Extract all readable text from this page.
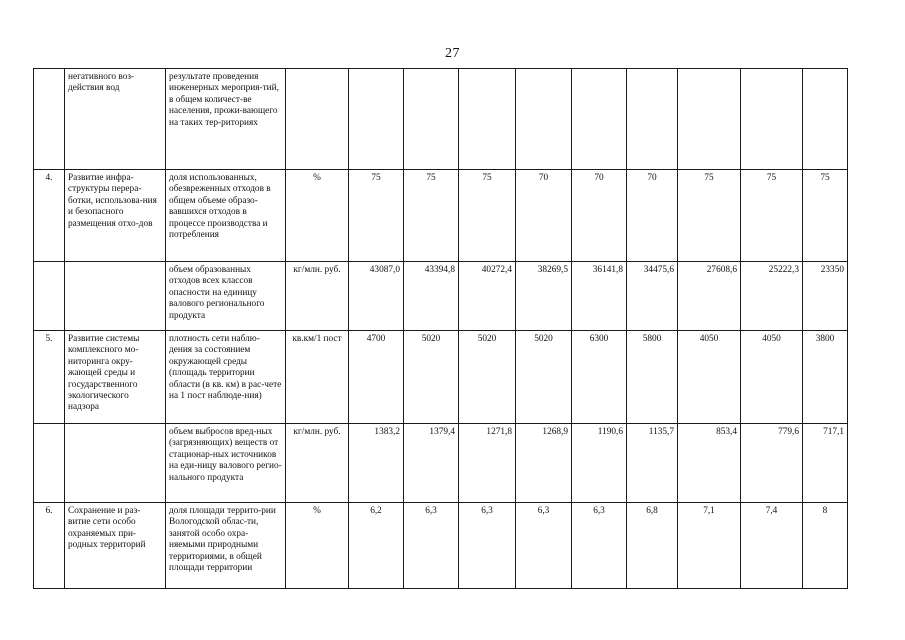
27
	негативного воз-действия вод	результате проведения инженерных мероприя-тий, в общем количест-ве населения, прожи-вающего на таких тер-риториях										
4.	Развитие инфра-структуры перера-ботки, использова-ния и безопасного размещения отхо-дов	доля использованных, обезвреженных отходов в общем объеме образо-вавшихся отходов в процессе производства и потребления	%	75	75	75	70	70	70	75	75	75
		объем образованных отходов всех классов опасности на единицу валового регионального продукта	кг/млн. руб.	43087,0	43394,8	40272,4	38269,5	36141,8	34475,6	27608,6	25222,3	23350
5.	Развитие системы комплексного мо-ниторинга окру-жающей среды и государственного экологического надзора	плотность сети наблю-дения за состоянием окружающей среды (площадь территории области (в кв. км) в рас-чете на 1 пост наблюде-ния)	кв.км/1 пост	4700	5020	5020	5020	6300	5800	4050	4050	3800
		объем выбросов вред-ных (загрязняющих) веществ от стационар-ных источников на еди-ницу валового регио-нального продукта	кг/млн. руб.	1383,2	1379,4	1271,8	1268,9	1190,6	1135,7	853,4	779,6	717,1
6.	Сохранение и раз-витие сети особо охраняемых при-родных территорий	доля площади террито-рии Вологодской облас-ти, занятой особо охра-няемыми природными территориями, в общей площади территории	%	6,2	6,3	6,3	6,3	6,3	6,8	7,1	7,4	8
